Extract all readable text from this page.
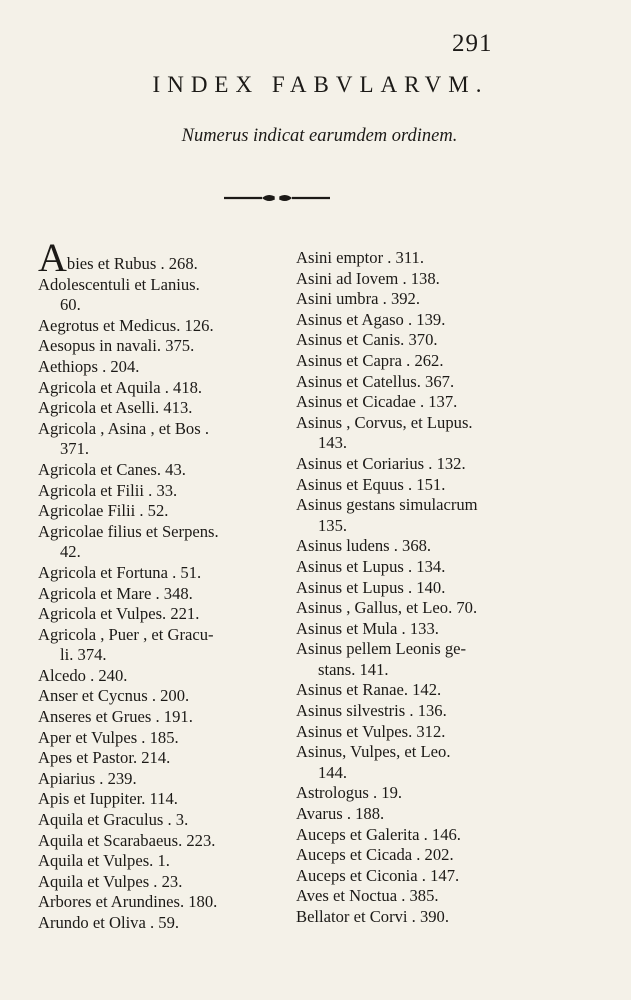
291
INDEX FABVLARVM.
Numerus indicat earumdem ordinem.

Abies et Rubus . 268.

Adolescentuli et Lanius.

60.

Aegrotus et Medicus. 126.

Aesopus in navali. 375.

Aethiops . 204.

Agricola et Aquila . 418.

Agricola et Aselli. 413.

Agricola , Asina , et Bos .

371.

Agricola et Canes. 43.

Agricola et Filii . 33.

Agricolae Filii . 52.

Agricolae filius et Serpens.

42.

Agricola et Fortuna . 51.

Agricola et Mare . 348.

Agricola et Vulpes. 221.

Agricola , Puer , et Gracu-

li. 374.

Alcedo . 240.

Anser et Cycnus . 200.

Anseres et Grues . 191.

Aper et Vulpes . 185.

Apes et Pastor. 214.

Apiarius . 239.

Apis et Iuppiter. 114.

Aquila et Graculus . 3.

Aquila et Scarabaeus. 223.

Aquila et Vulpes. 1.

Aquila et Vulpes . 23.

Arbores et Arundines. 180.

Arundo et Oliva . 59.

Asini emptor . 311.

Asini ad Iovem . 138.

Asini umbra . 392.

Asinus et Agaso . 139.

Asinus et Canis. 370.

Asinus et Capra . 262.

Asinus et Catellus. 367.

Asinus et Cicadae . 137.

Asinus , Corvus, et Lupus.

143.

Asinus et Coriarius . 132.

Asinus et Equus . 151.

Asinus gestans simulacrum

135.

Asinus ludens . 368.

Asinus et Lupus . 134.

Asinus et Lupus . 140.

Asinus , Gallus, et Leo. 70.

Asinus et Mula . 133.

Asinus pellem Leonis ge-

stans. 141.

Asinus et Ranae. 142.

Asinus silvestris . 136.

Asinus et Vulpes. 312.

Asinus, Vulpes, et Leo.

144.

Astrologus . 19.

Avarus . 188.

Auceps et Galerita . 146.

Auceps et Cicada . 202.

Auceps et Ciconia . 147.

Aves et Noctua . 385.

Bellator et Corvi . 390.
